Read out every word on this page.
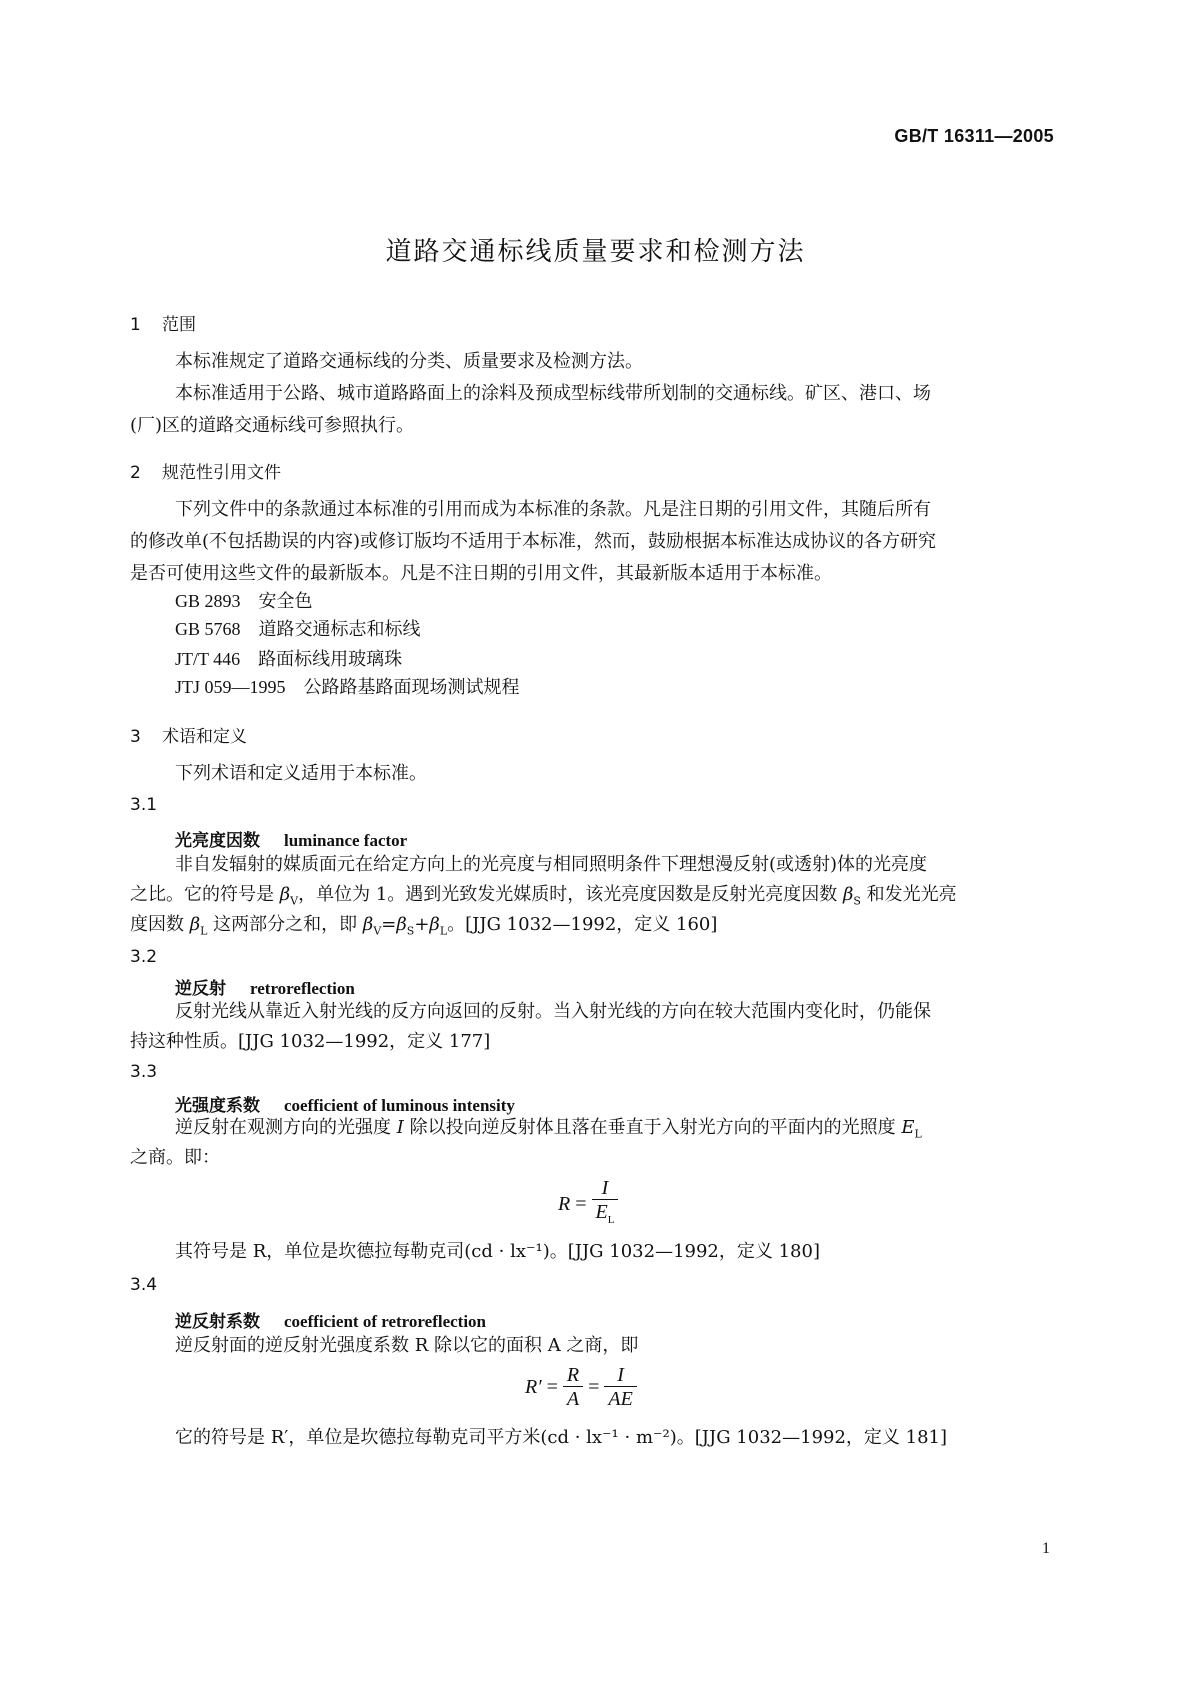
GB/T 16311—2005
道路交通标线质量要求和检测方法
1 范围
本标准规定了道路交通标线的分类、质量要求及检测方法。
本标准适用于公路、城市道路路面上的涂料及预成型标线带所划制的交通标线。矿区、港口、场
(厂)区的道路交通标线可参照执行。
2 规范性引用文件
下列文件中的条款通过本标准的引用而成为本标准的条款。凡是注日期的引用文件，其随后所有
的修改单(不包括勘误的内容)或修订版均不适用于本标准，然而，鼓励根据本标准达成协议的各方研究
是否可使用这些文件的最新版本。凡是不注日期的引用文件，其最新版本适用于本标准。
GB 2893 安全色
GB 5768 道路交通标志和标线
JT/T 446 路面标线用玻璃珠
JTJ 059—1995 公路路基路面现场测试规程
3 术语和定义
下列术语和定义适用于本标准。
3.1
光亮度因数 luminance factor
非自发辐射的媒质面元在给定方向上的光亮度与相同照明条件下理想漫反射(或透射)体的光亮度
之比。它的符号是 $\beta_V$，单位为 1。遇到光致发光媒质时，该光亮度因数是反射光亮度因数 $\beta_S$ 和发光光亮
度因数 $\beta_L$ 这两部分之和，即 $\beta_V=\beta_S+\beta_L$。[JJG 1032—1992，定义 160]
3.2
逆反射 retroreflection
反射光线从靠近入射光线的反方向返回的反射。当入射光线的方向在较大范围内变化时，仍能保
持这种性质。[JJG 1032—1992，定义 177]
3.3
光强度系数 coefficient of luminous intensity
逆反射在观测方向的光强度 I 除以投向逆反射体且落在垂直于入射光方向的平面内的光照度 $E_L$
之商。即：
$R = \frac{I}{E_L}$
其符号是 R，单位是坎德拉每勒克司(cd · lx⁻¹)。[JJG 1032—1992，定义 180]
3.4
逆反射系数 coefficient of retroreflection
逆反射面的逆反射光强度系数 R 除以它的面积 A 之商，即
$R' = \frac{R}{A} = \frac{I}{AE}$
它的符号是 R′，单位是坎德拉每勒克司平方米(cd · lx⁻¹ · m⁻²)。[JJG 1032—1992，定义 181]
1
